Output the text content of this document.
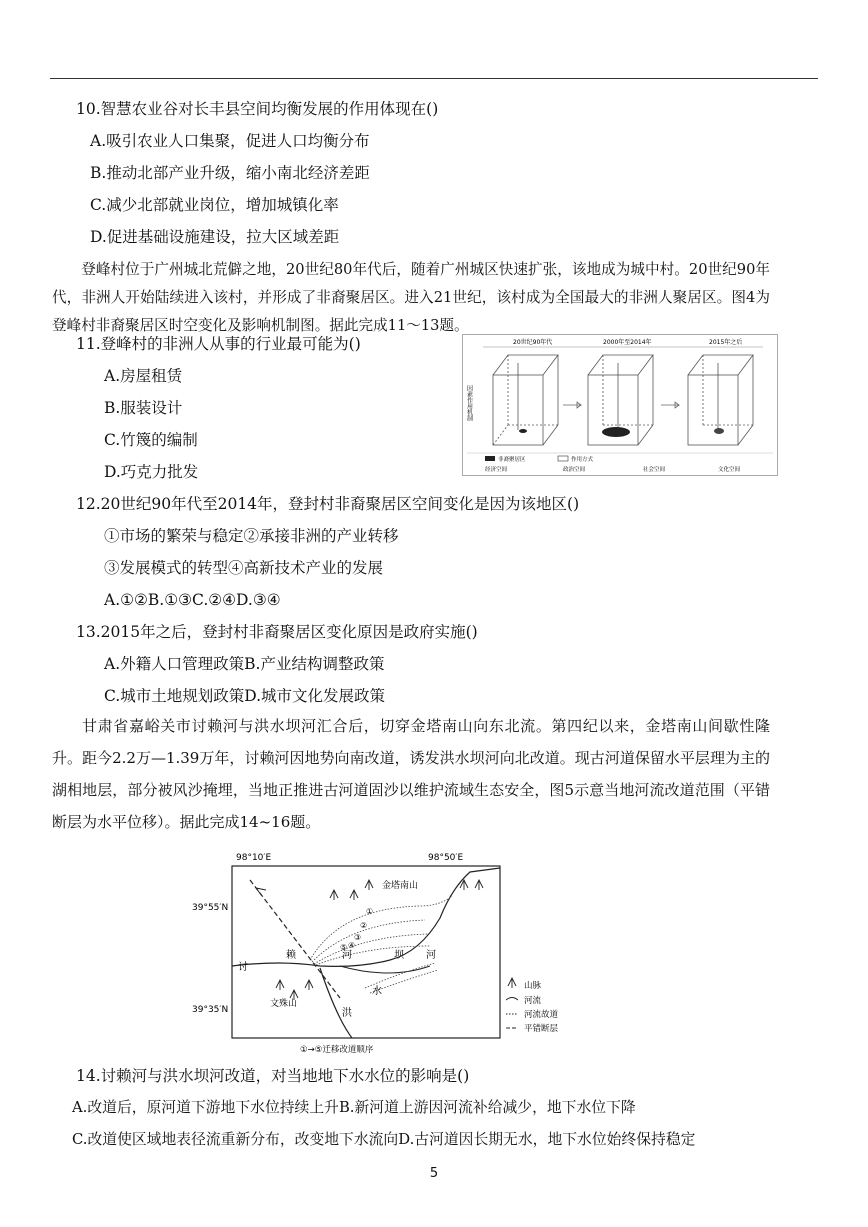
10.智慧农业谷对长丰县空间均衡发展的作用体现在()
A.吸引农业人口集聚，促进人口均衡分布
B.推动北部产业升级，缩小南北经济差距
C.减少北部就业岗位，增加城镇化率
D.促进基础设施建设，拉大区域差距
登峰村位于广州城北荒僻之地，20世纪80年代后，随着广州城区快速扩张，该地成为城中村。20世纪90年代，非洲人开始陆续进入该村，并形成了非裔聚居区。进入21世纪，该村成为全国最大的非洲人聚居区。图4为登峰村非裔聚居区时空变化及影响机制图。据此完成11～13题。
11.登峰村的非洲人从事的行业最可能为()
A.房屋租赁
B.服装设计
C.竹篾的编制
D.巧克力批发
20世纪90年代	2000年至2014年	2015年之后
因素作用机制
非裔聚居区	作用方式
经济空间	政治空间	社会空间	文化空间
12.20世纪90年代至2014年，登封村非裔聚居区空间变化是因为该地区()
①市场的繁荣与稳定②承接非洲的产业转移
③发展模式的转型④高新技术产业的发展
A.①②B.①③C.②④D.③④
13.2015年之后，登封村非裔聚居区变化原因是政府实施()
A.外籍人口管理政策B.产业结构调整政策
C.城市土地规划政策D.城市文化发展政策
甘肃省嘉峪关市讨赖河与洪水坝河汇合后，切穿金塔南山向东北流。第四纪以来，金塔南山间歇性隆升。距今2.2万—1.39万年，讨赖河因地势向南改道，诱发洪水坝河向北改道。现古河道保留水平层理为主的湖相地层，部分被风沙掩埋，当地正推进古河道固沙以维护流域生态安全，图5示意当地河流改道范围（平错断层为水平位移）。据此完成14~16题。
98°10′E	98°50′E
39°55′N
39°35′N
金塔南山
文殊山
讨
赖	河
水
坝 河
洪
①
②
③
④
⑤
①→⑤迁移改道顺序
山脉
河流
河流故道
平错断层
14.讨赖河与洪水坝河改道，对当地地下水水位的影响是()
A.改道后，原河道下游地下水位持续上升B.新河道上游因河流补给减少，地下水位下降
C.改道使区域地表径流重新分布，改变地下水流向D.古河道因长期无水，地下水位始终保持稳定
5
